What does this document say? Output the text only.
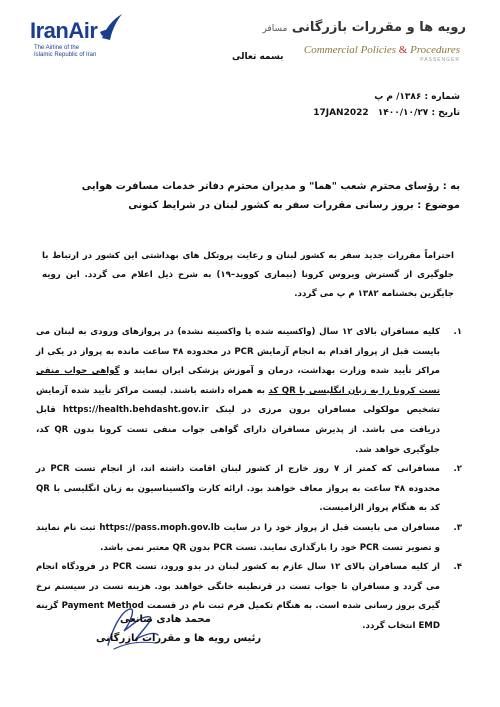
IranAir
The Airline of the
Islamic Republic of Iran
رویه ها و مقررات بازرگانی مسافر
Commercial Policies & Procedures
PASSENGER
بسمه تعالی
شماره : ۱۳۸۶/ م پ
تاریخ : ۱۴۰۰/۱۰/۲۷ 17JAN2022
به : رؤسای محترم شعب "هما" و مدیران محترم دفاتر خدمات مسافرت هوایی
موضوع : بروز رسانی مقررات سفر به کشور لبنان در شرایط کنونی
احتراماً مقررات جدید سفر به کشور لبنان و رعایت پروتکل های بهداشتی این کشور در ارتباط با جلوگیری از گسترش ویروس کرونا (بیماری کووید–۱۹) به شرح ذیل اعلام می گردد. این رویه جایگزین بخشنامه ۱۳۸۲ م پ می گردد.
۱.
کلیه مسافران بالای ۱۲ سال (واکسینه شده یا واکسینه نشده) در پروازهای ورودی به لبنان می بایست قبل از پرواز اقدام به انجام آزمایش PCR در محدوده ۴۸ ساعت مانده به پرواز در یکی از مراکز تأیید شده وزارت بهداشت، درمان و آموزش پزشکی ایران نمایند و گواهی جواب منفی تست کرونا را به زبان انگلیسی با QR کد به همراه داشته باشند. لیست مراکز تأیید شده آزمایش تشخیص مولکولی مسافران برون مرزی در لینک https://health.behdasht.gov.ir قابل دریافت می باشد. از پذیرش مسافران دارای گواهی جواب منفی تست کرونا بدون QR کد، جلوگیری خواهد شد.
۲.
مسافرانی که کمتر از ۷ روز خارج از کشور لبنان اقامت داشته اند، از انجام تست PCR در محدوده ۴۸ ساعت به پرواز معاف خواهند بود. ارائه کارت واکسیناسیون به زبان انگلیسی با QR کد به هنگام پرواز الزامیست.
۳.
مسافران می بایست قبل از پرواز خود را در سایت https://pass.moph.gov.lb ثبت نام نمایند و تصویر تست PCR خود را بارگذاری نمایند. تست PCR بدون QR معتبر نمی باشد.
۴.
از کلیه مسافران بالای ۱۲ سال عازم به کشور لبنان در بدو ورود، تست PCR در فرودگاه انجام می گردد و مسافران تا جواب تست در قرنطینه خانگی خواهند بود. هزینه تست در سیستم نرخ گیری بروز رسانی شده است. به هنگام تکمیل فرم ثبت نام در قسمت Payment Method گزینه EMD انتخاب گردد.
محمد هادی صانعی
رئیس رویه ها و مقررات بازرگانی
